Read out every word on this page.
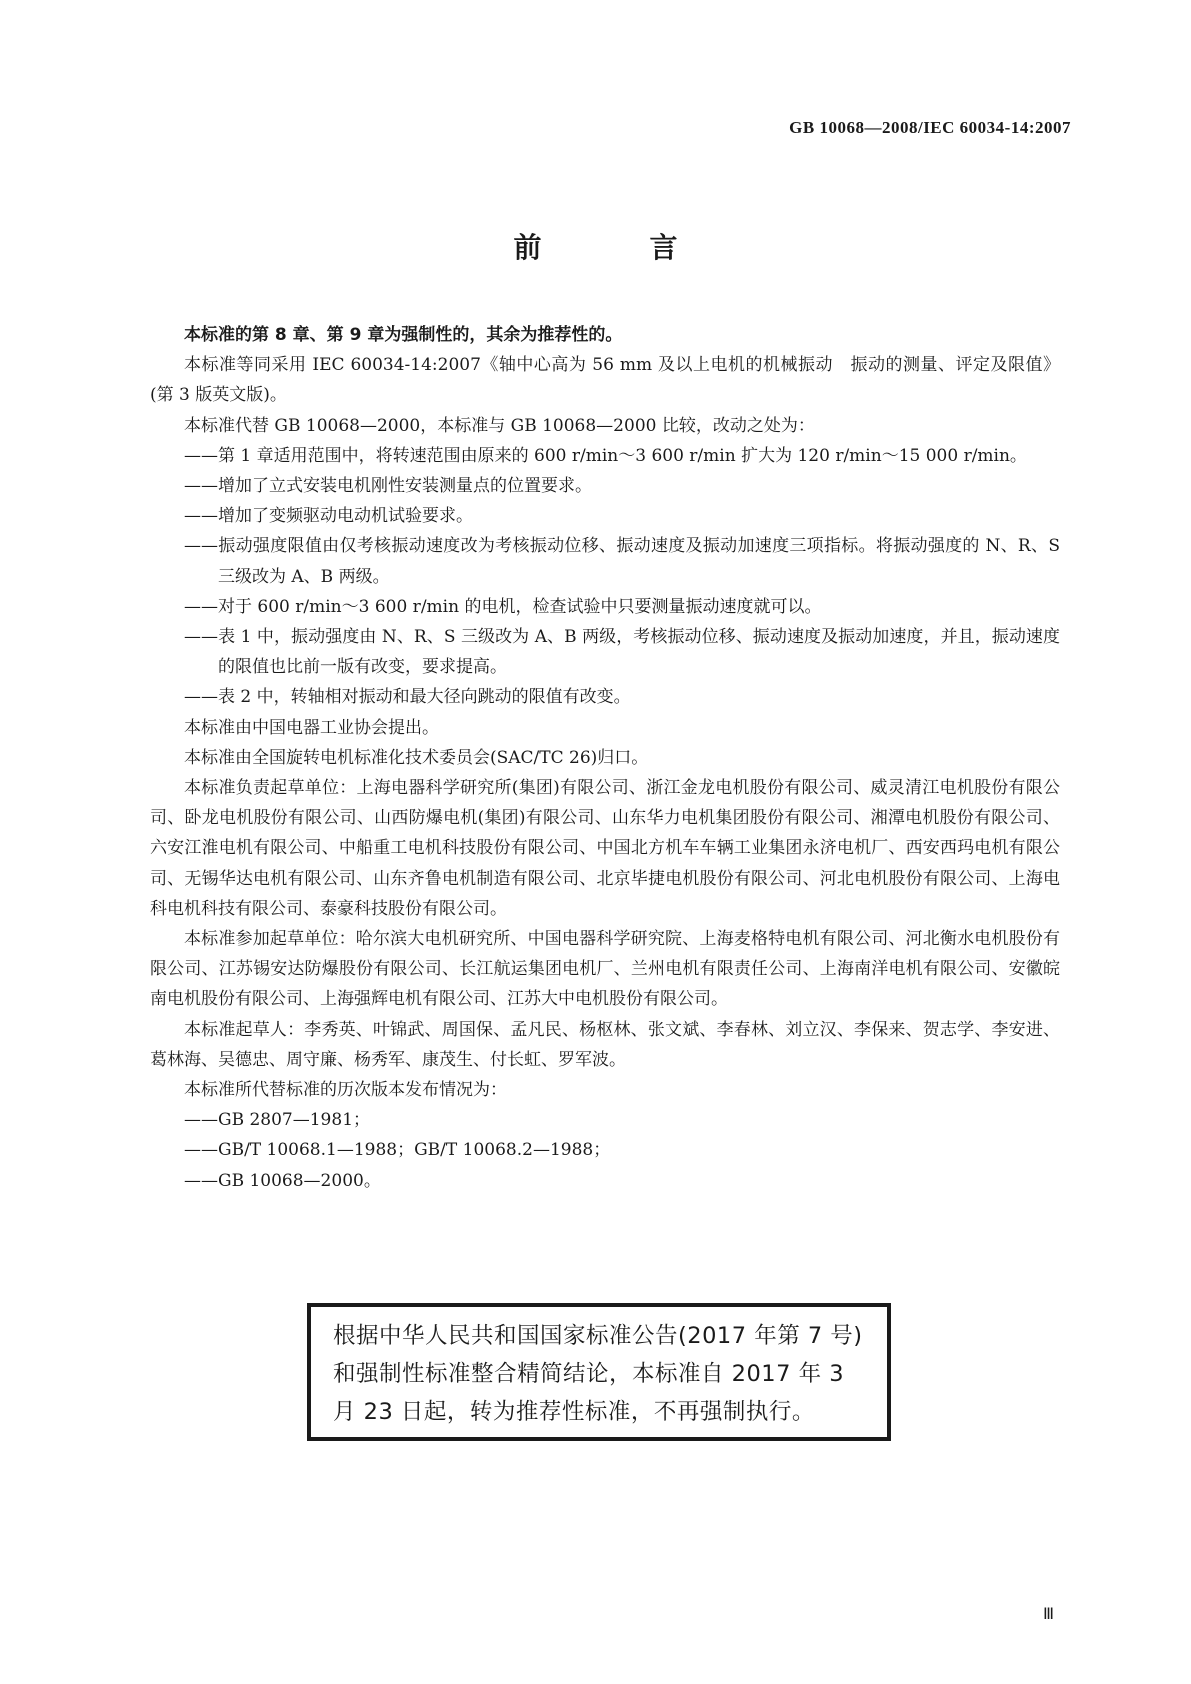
GB 10068—2008/IEC 60034-14:2007
前　言

本标准的第 8 章、第 9 章为强制性的，其余为推荐性的。

本标准等同采用 IEC 60034-14:2007《轴中心高为 56 mm 及以上电机的机械振动　振动的测量、评定及限值》(第 3 版英文版)。

本标准代替 GB 10068—2000，本标准与 GB 10068—2000 比较，改动之处为：

——第 1 章适用范围中，将转速范围由原来的 600 r/min～3 600 r/min 扩大为 120 r/min～15 000 r/min。

——增加了立式安装电机刚性安装测量点的位置要求。

——增加了变频驱动电动机试验要求。

——振动强度限值由仅考核振动速度改为考核振动位移、振动速度及振动加速度三项指标。将振动强度的 N、R、S 三级改为 A、B 两级。

——对于 600 r/min～3 600 r/min 的电机，检查试验中只要测量振动速度就可以。

——表 1 中，振动强度由 N、R、S 三级改为 A、B 两级，考核振动位移、振动速度及振动加速度，并且，振动速度的限值也比前一版有改变，要求提高。

——表 2 中，转轴相对振动和最大径向跳动的限值有改变。

本标准由中国电器工业协会提出。

本标准由全国旋转电机标准化技术委员会(SAC/TC 26)归口。

本标准负责起草单位：上海电器科学研究所(集团)有限公司、浙江金龙电机股份有限公司、威灵清江电机股份有限公司、卧龙电机股份有限公司、山西防爆电机(集团)有限公司、山东华力电机集团股份有限公司、湘潭电机股份有限公司、六安江淮电机有限公司、中船重工电机科技股份有限公司、中国北方机车车辆工业集团永济电机厂、西安西玛电机有限公司、无锡华达电机有限公司、山东齐鲁电机制造有限公司、北京毕捷电机股份有限公司、河北电机股份有限公司、上海电科电机科技有限公司、泰豪科技股份有限公司。

本标准参加起草单位：哈尔滨大电机研究所、中国电器科学研究院、上海麦格特电机有限公司、河北衡水电机股份有限公司、江苏锡安达防爆股份有限公司、长江航运集团电机厂、兰州电机有限责任公司、上海南洋电机有限公司、安徽皖南电机股份有限公司、上海强辉电机有限公司、江苏大中电机股份有限公司。

本标准起草人：李秀英、叶锦武、周国保、孟凡民、杨枢林、张文斌、李春林、刘立汉、李保来、贺志学、李安进、葛林海、吴德忠、周守廉、杨秀军、康茂生、付长虹、罗军波。

本标准所代替标准的历次版本发布情况为：

——GB 2807—1981；

——GB/T 10068.1—1988；GB/T 10068.2—1988；

——GB 10068—2000。

根据中华人民共和国国家标准公告(2017 年第 7 号)和强制性标准整合精简结论，本标准自 2017 年 3 月 23 日起，转为推荐性标准，不再强制执行。
Ⅲ
